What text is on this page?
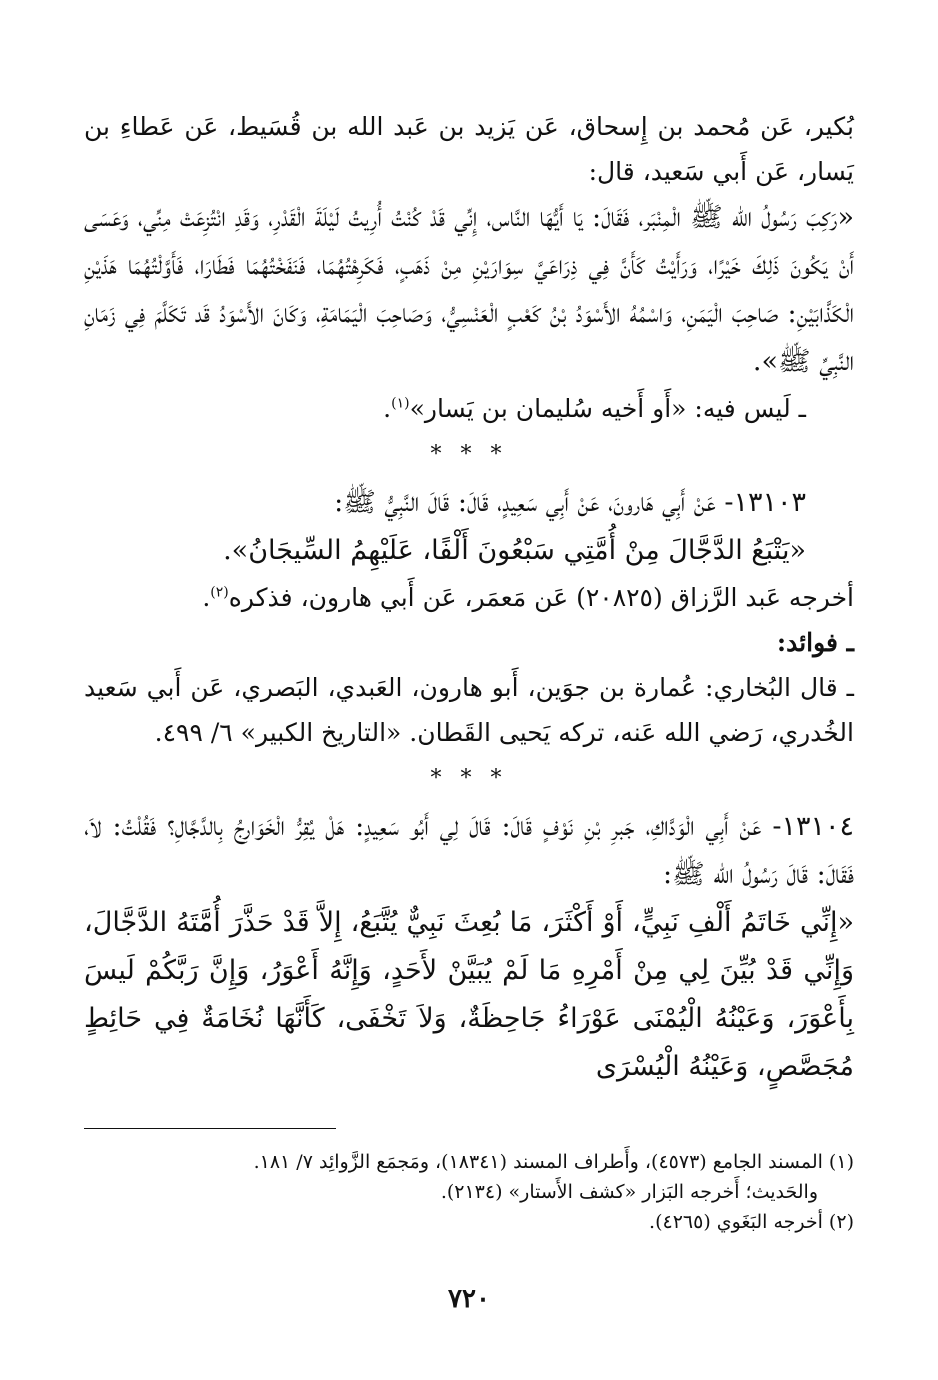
بُكير، عَن مُحمد بن إِسحاق، عَن يَزيد بن عَبد الله بن قُسَيط، عَن عَطاءِ بن يَسار، عَن أَبي سَعيد، قال:

«رَكِبَ رَسُولُ الله ﷺ الْمِنْبَر، فَقَالَ: يَا أَيُّهَا النَّاس، إِنِّي قَدْ كُنْتُ أُرِيتُ لَيْلَةَ الْقَدْرِ، وَقَدِ انْتُزِعَتْ مِنِّي، وَعَسَى أَنْ يَكُونَ ذَلِكَ خَيْرًا، وَرَأَيْتُ كَأَنَّ فِي ذِرَاعَيَّ سِوَارَيْنِ مِنْ ذَهَبٍ، فَكَرِهْتُهُمَا، فَنَفَخْتُهُمَا فَطَارَا، فَأَوَّلْتُهُمَا هَذَيْنِ الْكَذَّابَيْنِ: صَاحِبَ الْيَمَنِ، وَاسْمُهُ الأَسْوَدُ بْنُ كَعْبٍ الْعَنْسِيُّ، وَصَاحِبَ الْيَمَامَةِ، وَكَانَ الأَسْوَدُ قَد تَكَلَّمَ فِي زَمَانِ النَّبِيِّ ﷺ».

ـ لَيس فيه: «أَو أَخيه سُليمان بن يَسار»$^{(١)}$.

* * *

١٣١٠٣- عَنْ أَبِي هَارونَ، عَنْ أَبِي سَعِيدٍ، قَالَ: قَالَ النَّبِيُّ ﷺ:

«يَتْبَعُ الدَّجَّالَ مِنْ أُمَّتِي سَبْعُونَ أَلْفًا، عَلَيْهِمُ السِّيجَانُ».

أخرجه عَبد الرَّزاق (٢٠٨٢٥) عَن مَعمَر، عَن أَبي هارون، فذكره$^{(٢)}$.

ـ فوائد:

ـ قال البُخاري: عُمارة بن جوَين، أَبو هارون، العَبدي، البَصري، عَن أَبي سَعيد الخُدري، رَضي الله عَنه، تركه يَحيى القَطان. «التاريخ الكبير» ٦/ ٤٩٩.

* * *

١٣١٠٤- عَنْ أَبِي الْوَدَّاكِ، جَبرِ بْنِ نَوْفٍ قَالَ: قَالَ لِي أَبُو سَعِيدٍ: هَلْ يُقِرُّ الْخَوَارِجُ بِالدَّجَّالِ؟ فَقُلْتُ: لاَ، فَقَالَ: قَالَ رَسُولُ الله ﷺ:

«إِنِّي خَاتَمُ أَلْفِ نَبِيٍّ، أَوْ أَكْثَرَ، مَا بُعِثَ نَبِيٌّ يُتَّبَعُ، إِلاَّ قَدْ حَذَّرَ أُمَّتَهُ الدَّجَّالَ، وَإِنِّي قَدْ بُيِّنَ لِي مِنْ أَمْرِهِ مَا لَمْ يُبَيَّنْ لأَحَدٍ، وَإِنَّهُ أَعْوَرُ، وَإِنَّ رَبَّكُمْ لَيسَ بِأَعْوَرَ، وَعَيْنُهُ الْيُمْنَى عَوْرَاءُ جَاحِظَةٌ، وَلاَ تَخْفَى، كَأَنَّهَا نُخَامَةٌ فِي حَائِطٍ مُجَصَّصٍ، وَعَيْنُهُ الْيُسْرَى

(١) المسند الجامع (٤٥٧٣)، وأَطراف المسند (١٨٣٤١)، ومَجمَع الزَّوائِد ٧/ ١٨١.

والحَديث؛ أَخرجه البَزار «كشف الأَستار» (٢١٣٤).

(٢) أخرجه البَغَوي (٤٢٦٥).

٧٢٠
